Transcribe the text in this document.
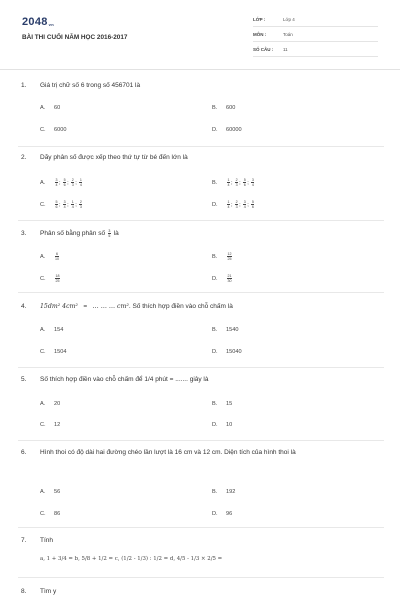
$2048_{vn}$
BÀI THI CUỐI NĂM HỌC 2016-2017
LỚP :	Lớp 4
MÔN :	Toán
SỐ CÂU : 11
1. Giá trị chữ số 6 trong số 456701 là
A. 60	B. 600
C. 6000	D. 60000
2. Dãy phân số được xếp theo thứ tự từ bé đến lớn là
A.	$\frac{3}{4}$ ; $\frac{5}{6}$ ; $\frac{2}{3}$ ; $\frac{1}{4}$	B.	$\frac{1}{4}$ ; $\frac{2}{3}$ ; $\frac{5}{6}$ ; $\frac{3}{4}$
C.	$\frac{5}{6}$ ; $\frac{3}{4}$ ; $\frac{1}{4}$ ; $\frac{2}{3}$	D.	$\frac{1}{4}$ ; $\frac{2}{3}$ ; $\frac{3}{4}$ ; $\frac{5}{6}$
3. Phân số bằng phân số $\frac{3}{5}$ là
A.	$\frac{6}{10}$	B.	$\frac{12}{25}$
C.	$\frac{18}{25}$	D.	$\frac{21}{30}$
4. 15dm² 4cm² = … … … cm². Số thích hợp điền vào chỗ chấm là
A. 154	B. 1540
C. 1504	D. 15040
5. Số thích hợp điền vào chỗ chấm để 1/4 phút = ....... giây là
A. 20	B. 15
C. 12	D. 10
6. Hình thoi có độ dài hai đường chéo lần lượt là 16 cm và 12 cm. Diện tích của hình thoi là
A. 56	B. 192
C. 86	D. 96
7. Tính
a, 1 + 3/4 = b, 5/8 + 1/2 = c, (1/2 - 1/3) : 1/2 = d, 4/5 - 1/3 × 2/5 =
8. Tìm y
